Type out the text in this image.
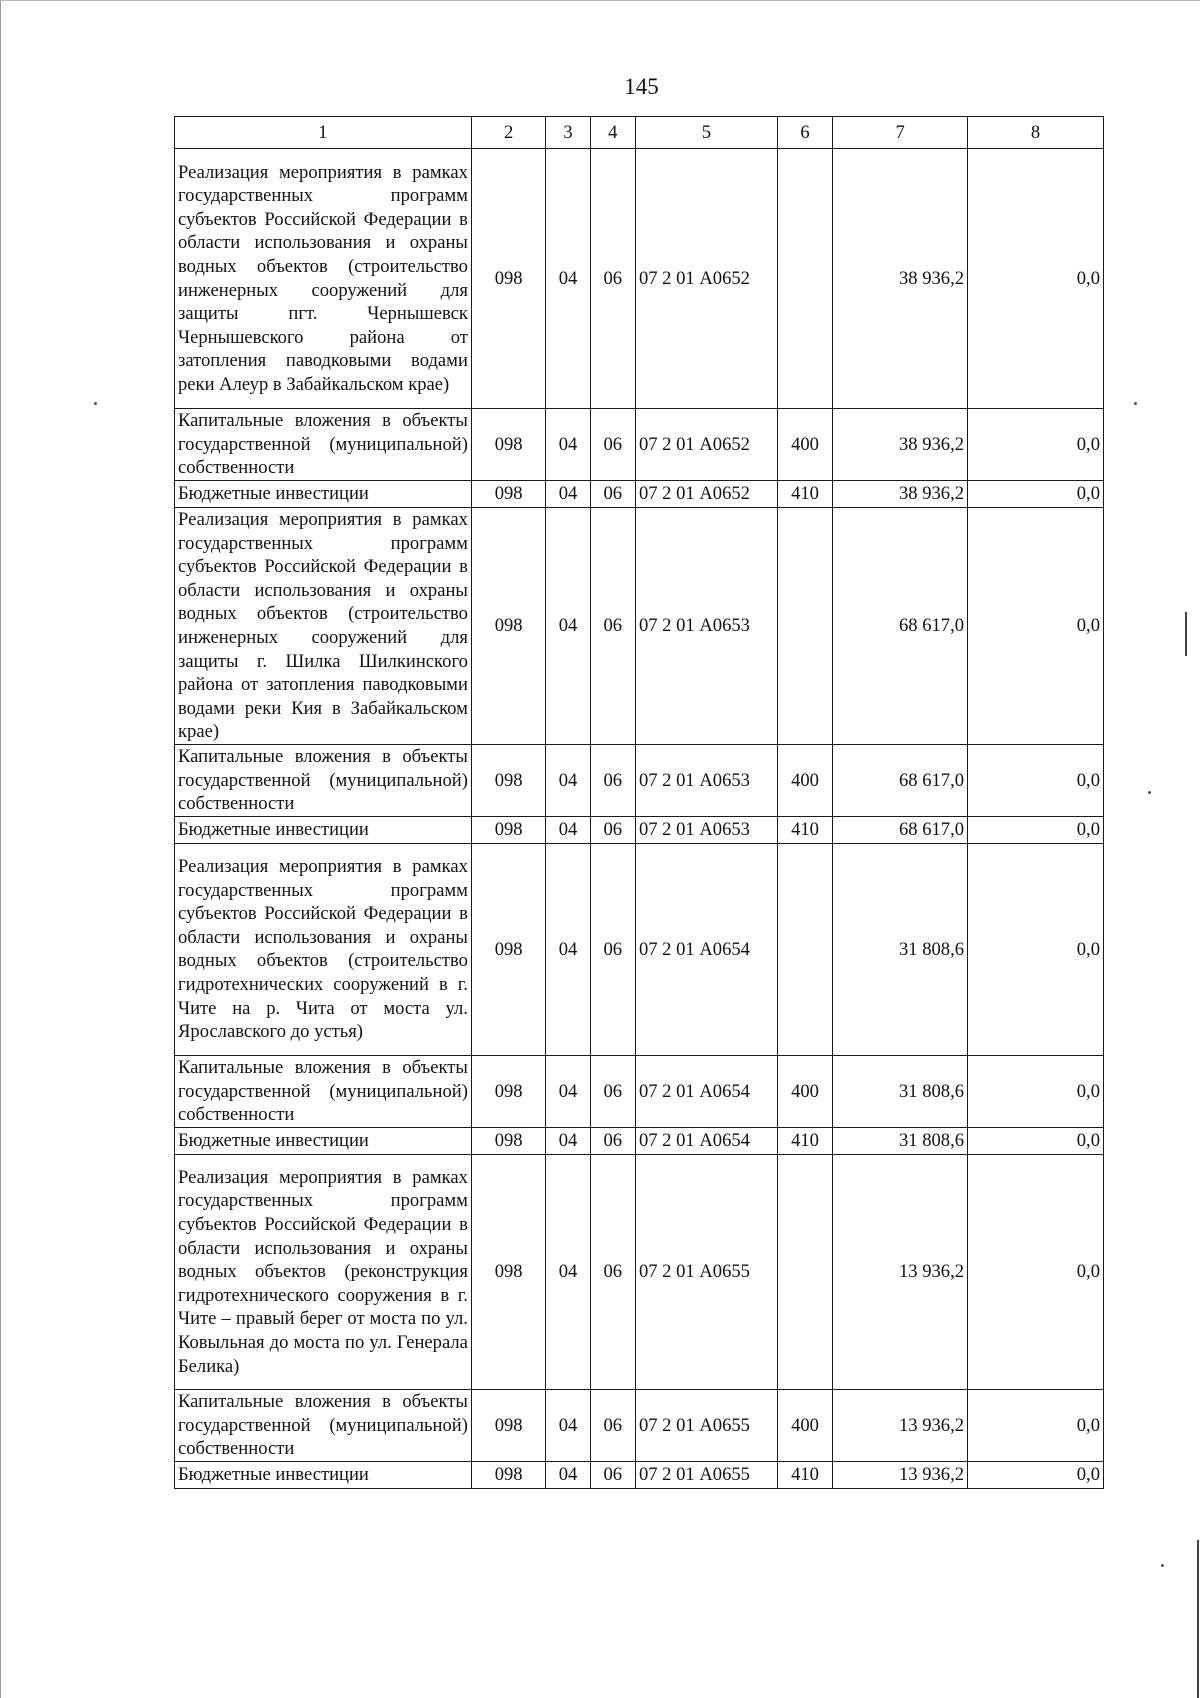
145
1	2	3	4	5	6	7	8
Реализация мероприятия в рамках государственных программ субъектов Российской Федерации в области использования и охраны водных объектов (строительство инженерных сооружений для защиты пгт. Чернышевск Чернышевского района от затопления паводковыми водами реки Алеур в Забайкальском крае)	098	04	06	07 2 01 А0652		38 936,2	0,0
Капитальные вложения в объекты государственной (муниципальной) собственности	098	04	06	07 2 01 А0652	400	38 936,2	0,0
Бюджетные инвестиции	098	04	06	07 2 01 А0652	410	38 936,2	0,0
Реализация мероприятия в рамках государственных программ субъектов Российской Федерации в области использования и охраны водных объектов (строительство инженерных сооружений для защиты г. Шилка Шилкинского района от затопления паводковыми водами реки Кия в Забайкальском крае)	098	04	06	07 2 01 А0653		68 617,0	0,0
Капитальные вложения в объекты государственной (муниципальной) собственности	098	04	06	07 2 01 А0653	400	68 617,0	0,0
Бюджетные инвестиции	098	04	06	07 2 01 А0653	410	68 617,0	0,0
Реализация мероприятия в рамках государственных программ субъектов Российской Федерации в области использования и охраны водных объектов (строительство гидротехнических сооружений в г. Чите на р. Чита от моста ул. Ярославского до устья)	098	04	06	07 2 01 А0654		31 808,6	0,0
Капитальные вложения в объекты государственной (муниципальной) собственности	098	04	06	07 2 01 А0654	400	31 808,6	0,0
Бюджетные инвестиции	098	04	06	07 2 01 А0654	410	31 808,6	0,0
Реализация мероприятия в рамках государственных программ субъектов Российской Федерации в области использования и охраны водных объектов (реконструкция гидротехнического сооружения в г. Чите – правый берег от моста по ул. Ковыльная до моста по ул. Генерала Белика)	098	04	06	07 2 01 А0655		13 936,2	0,0
Капитальные вложения в объекты государственной (муниципальной) собственности	098	04	06	07 2 01 А0655	400	13 936,2	0,0
Бюджетные инвестиции	098	04	06	07 2 01 А0655	410	13 936,2	0,0
